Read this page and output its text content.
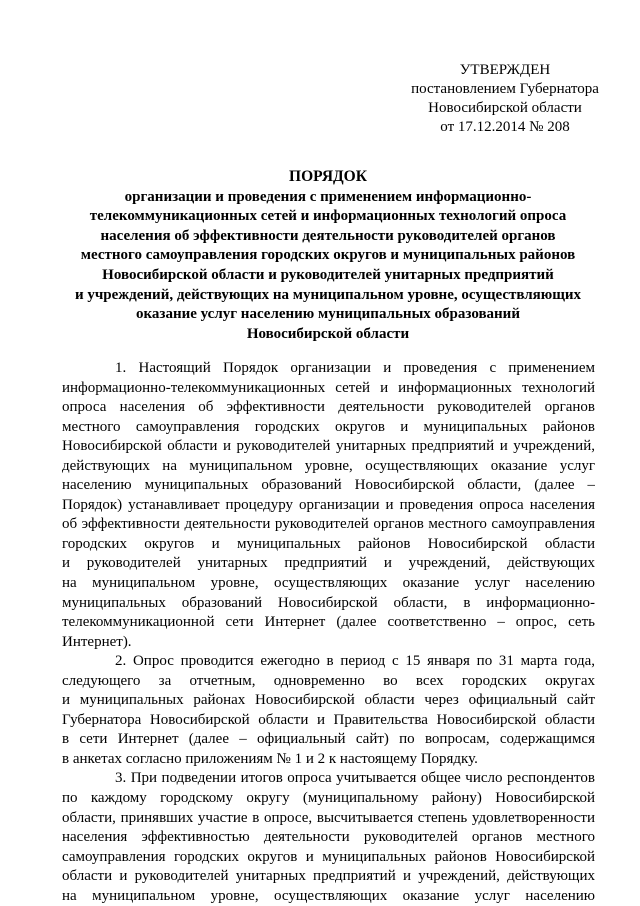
УТВЕРЖДЕН
постановлением Губернатора
Новосибирской области
от 17.12.2014 № 208
ПОРЯДОК
организации и проведения с применением информационно-
телекоммуникационных сетей и информационных технологий опроса
населения об эффективности деятельности руководителей органов
местного самоуправления городских округов и муниципальных районов
Новосибирской области и руководителей унитарных предприятий
и учреждений, действующих на муниципальном уровне, осуществляющих
оказание услуг населению муниципальных образований
Новосибирской области
1. Настоящий Порядок организации и проведения с применением
информационно-телекоммуникационных сетей и информационных технологий
опроса населения об эффективности деятельности руководителей органов
местного самоуправления городских округов и муниципальных районов
Новосибирской области и руководителей унитарных предприятий и учреждений,
действующих на муниципальном уровне, осуществляющих оказание услуг
населению муниципальных образований Новосибирской области, (далее –
Порядок) устанавливает процедуру организации и проведения опроса населения
об эффективности деятельности руководителей органов местного самоуправления
городских округов и муниципальных районов Новосибирской области
и руководителей унитарных предприятий и учреждений, действующих
на муниципальном уровне, осуществляющих оказание услуг населению
муниципальных образований Новосибирской области, в информационно-
телекоммуникационной сети Интернет (далее соответственно – опрос, сеть
Интернет).
2. Опрос проводится ежегодно в период с 15 января по 31 марта года,
следующего за отчетным, одновременно во всех городских округах
и муниципальных районах Новосибирской области через официальный сайт
Губернатора Новосибирской области и Правительства Новосибирской области
в сети Интернет (далее – официальный сайт) по вопросам, содержащимся
в анкетах согласно приложениям № 1 и 2 к настоящему Порядку.
3. При подведении итогов опроса учитывается общее число респондентов
по каждому городскому округу (муниципальному району) Новосибирской
области, принявших участие в опросе, высчитывается степень удовлетворенности
населения эффективностью деятельности руководителей органов местного
самоуправления городских округов и муниципальных районов Новосибирской
области и руководителей унитарных предприятий и учреждений, действующих
на муниципальном уровне, осуществляющих оказание услуг населению
